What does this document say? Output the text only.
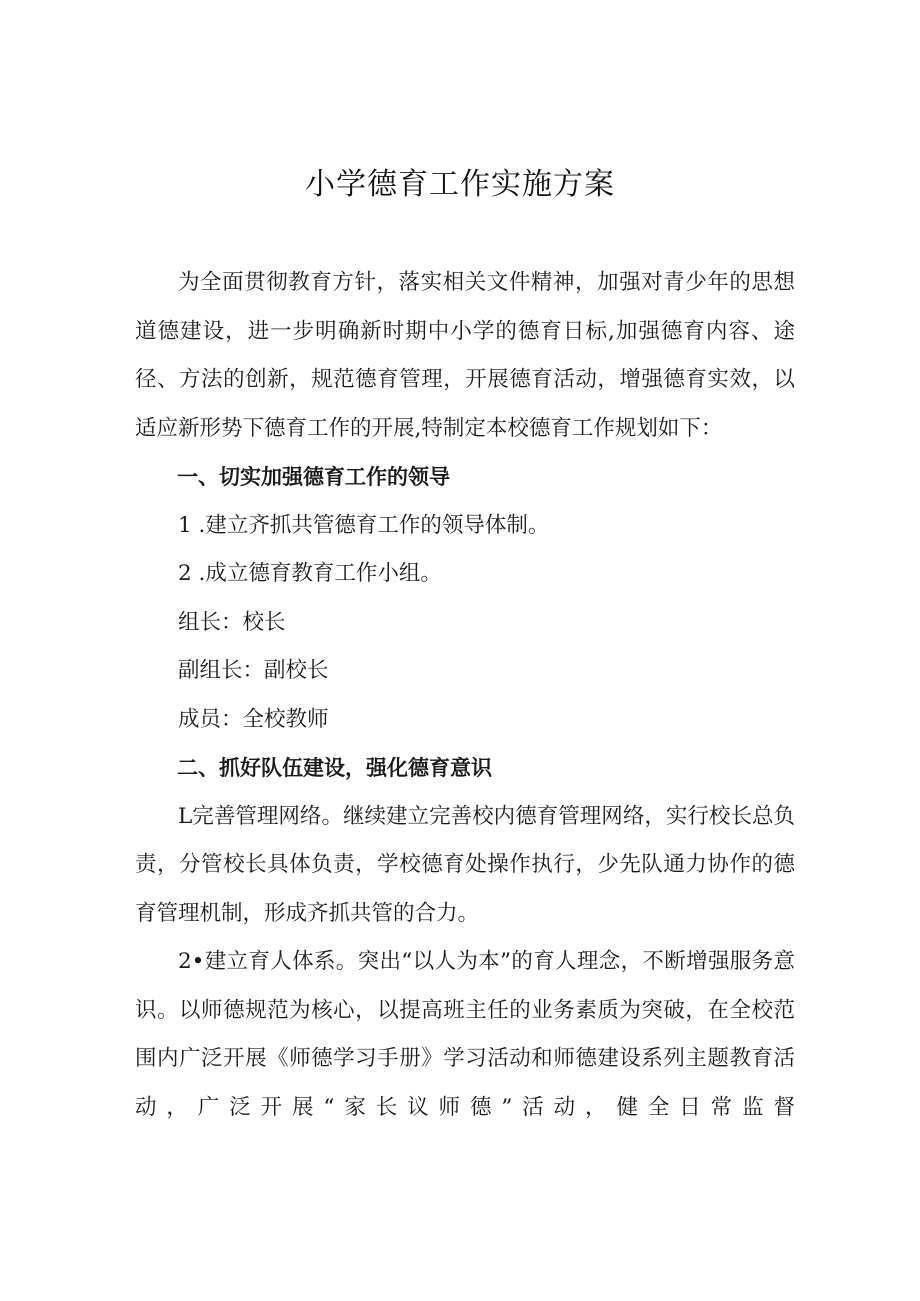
小学德育工作实施方案

为全面贯彻教育方针，落实相关文件精神，加强对青少年的思想道德建设，进一步明确新时期中小学的德育日标,加强德育内容、途径、方法的创新，规范德育管理，开展德育活动，增强德育实效，以适应新形势下德育工作的开展,特制定本校德育工作规划如下：

一、切实加强德育工作的领导

1 .建立齐抓共管德育工作的领导体制。

2 .成立德育教育工作小组。

组长：校长

副组长：副校长

成员：全校教师

二、抓好队伍建设，强化德育意识

L完善管理网络。继续建立完善校内德育管理网络，实行校长总负责，分管校长具体负责，学校德育处操作执行，少先队通力协作的德育管理机制，形成齐抓共管的合力。

2•建立育人体系。突出“以人为本”的育人理念，不断增强服务意识。以师德规范为核心，以提高班主任的业务素质为突破，在全校范围内广泛开展《师德学习手册》学习活动和师德建设系列主题教育活动，广泛开展“家长议师德”活动，健全日常监督
